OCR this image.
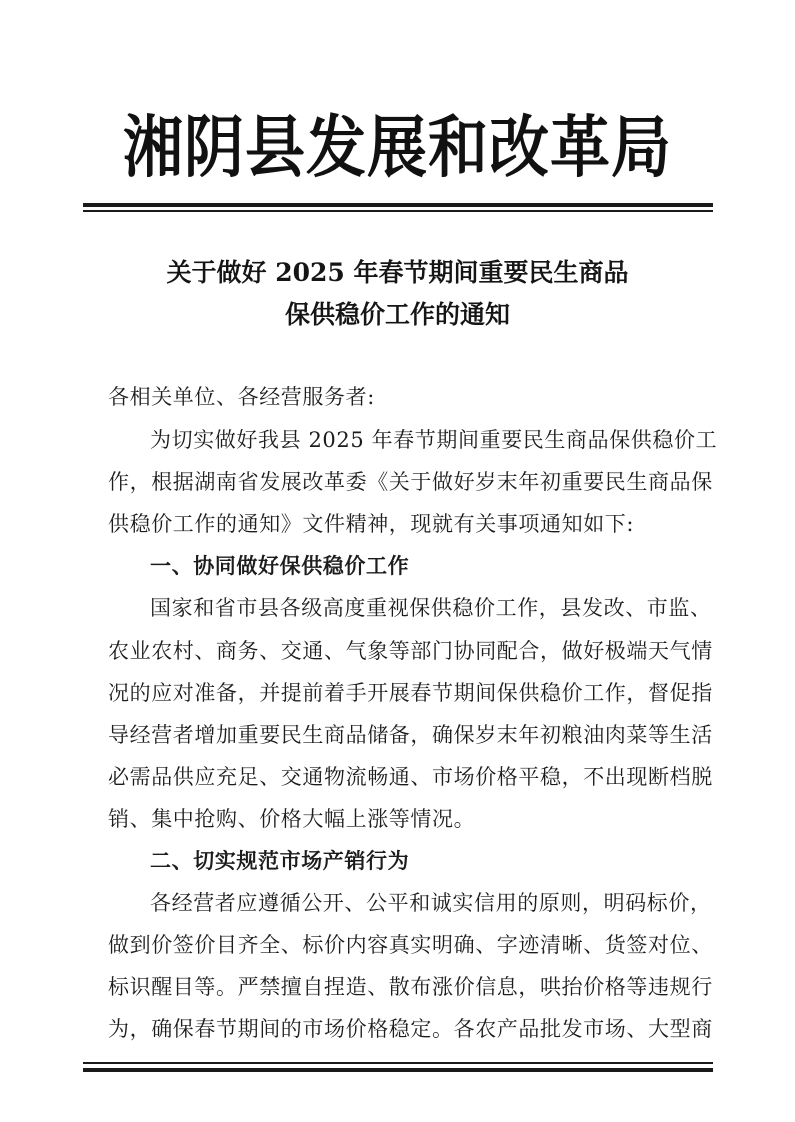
湘阴县发展和改革局
关于做好 2025 年春节期间重要民生商品
保供稳价工作的通知
各相关单位、各经营服务者:
为切实做好我县 2025 年春节期间重要民生商品保供稳价工
作，根据湖南省发展改革委《关于做好岁末年初重要民生商品保
供稳价工作的通知》文件精神，现就有关事项通知如下:
一、协同做好保供稳价工作
国家和省市县各级高度重视保供稳价工作，县发改、市监、
农业农村、商务、交通、气象等部门协同配合，做好极端天气情
况的应对准备，并提前着手开展春节期间保供稳价工作，督促指
导经营者增加重要民生商品储备，确保岁末年初粮油肉菜等生活
必需品供应充足、交通物流畅通、市场价格平稳，不出现断档脱
销、集中抢购、价格大幅上涨等情况。
二、切实规范市场产销行为
各经营者应遵循公开、公平和诚实信用的原则，明码标价，
做到价签价目齐全、标价内容真实明确、字迹清晰、货签对位、
标识醒目等。严禁擅自捏造、散布涨价信息，哄抬价格等违规行
为，确保春节期间的市场价格稳定。各农产品批发市场、大型商
